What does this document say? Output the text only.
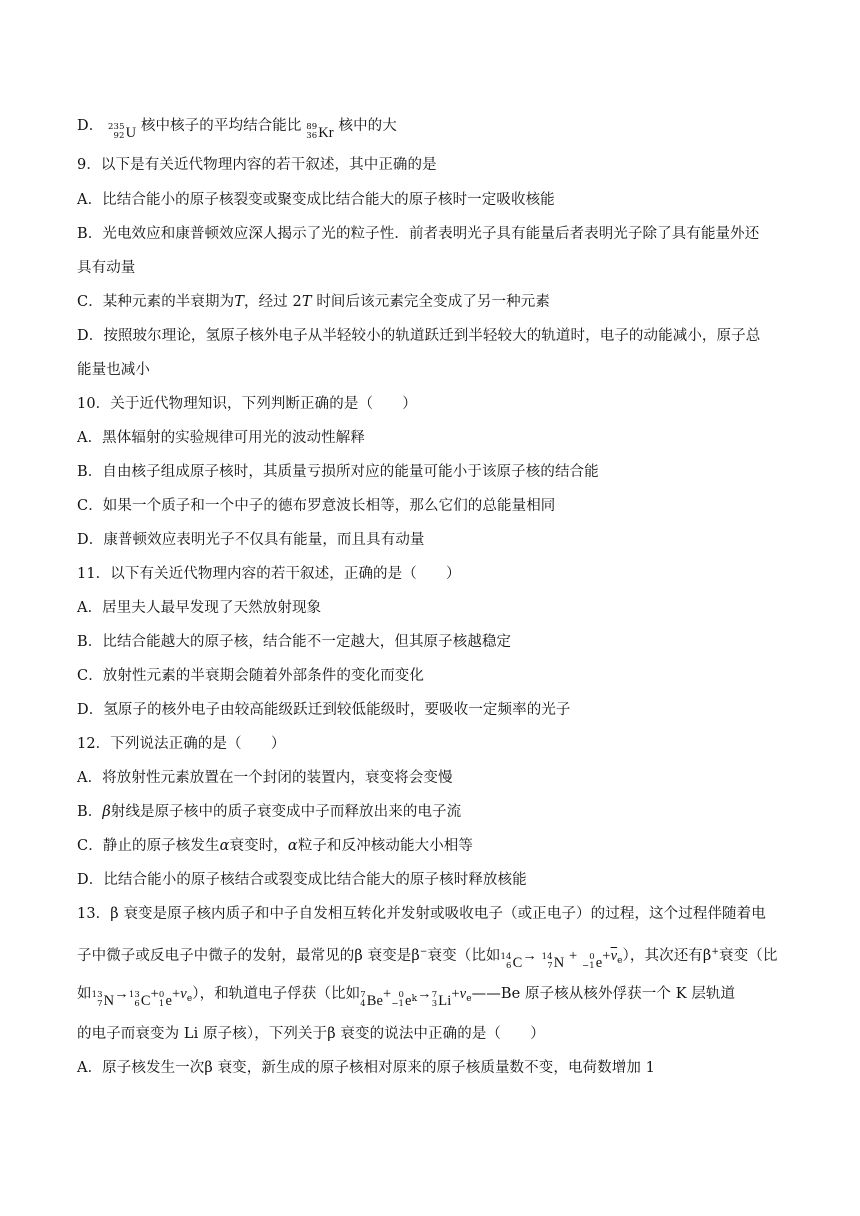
D． 235
92 U 核中核子的平均结合能比 89
36 Kr 核中的大
9．以下是有关近代物理内容的若干叙述，其中正确的是
A．比结合能小的原子核裂变或聚变成比结合能大的原子核时一定吸收核能
B．光电效应和康普顿效应深人揭示了光的粒子性．前者表明光子具有能量后者表明光子除了具有能量外还
具有动量
C．某种元素的半衰期为T，经过 2T 时间后该元素完全变成了另一种元素
D．按照玻尔理论，氢原子核外电子从半轻较小的轨道跃迁到半轻较大的轨道时，电子的动能减小，原子总
能量也减小
10．关于近代物理知识，下列判断正确的是（　　）
A．黑体辐射的实验规律可用光的波动性解释
B．自由核子组成原子核时，其质量亏损所对应的能量可能小于该原子核的结合能
C．如果一个质子和一个中子的德布罗意波长相等，那么它们的总能量相同
D．康普顿效应表明光子不仅具有能量，而且具有动量
11．以下有关近代物理内容的若干叙述，正确的是（　　）
A．居里夫人最早发现了天然放射现象
B．比结合能越大的原子核，结合能不一定越大，但其原子核越稳定
C．放射性元素的半衰期会随着外部条件的变化而变化
D．氢原子的核外电子由较高能级跃迁到较低能级时，要吸收一定频率的光子
12．下列说法正确的是（　　）
A．将放射性元素放置在一个封闭的装置内，衰变将会变慢
B．β射线是原子核中的质子衰变成中子而释放出来的电子流
C．静止的原子核发生α衰变时，α粒子和反冲核动能大小相等
D．比结合能小的原子核结合或裂变成比结合能大的原子核时释放核能
13．β 衰变是原子核内质子和中子自发相互转化并发射或吸收电子（或正电子）的过程，这个过程伴随着电
子中微子或反电子中微子的发射，最常见的β 衰变是β−衰变（比如 14
6 C → 14
7 N +	0
−1 $e +\overline{\nu}_e$），其次还有β+衰变（比
如 13
7 N → 13
6 C + 0
1 $e +\nu_e$），和轨道电子俘获（比如 7
4 Be + 0
−1 e $_k$→ 7
3 $Li +\nu_e——Be$ 原子核从核外俘获一个 K 层轨道
的电子而衰变为 Li 原子核），下列关于β 衰变的说法中正确的是（　　）
A．原子核发生一次β 衰变，新生成的原子核相对原来的原子核质量数不变，电荷数增加 1
